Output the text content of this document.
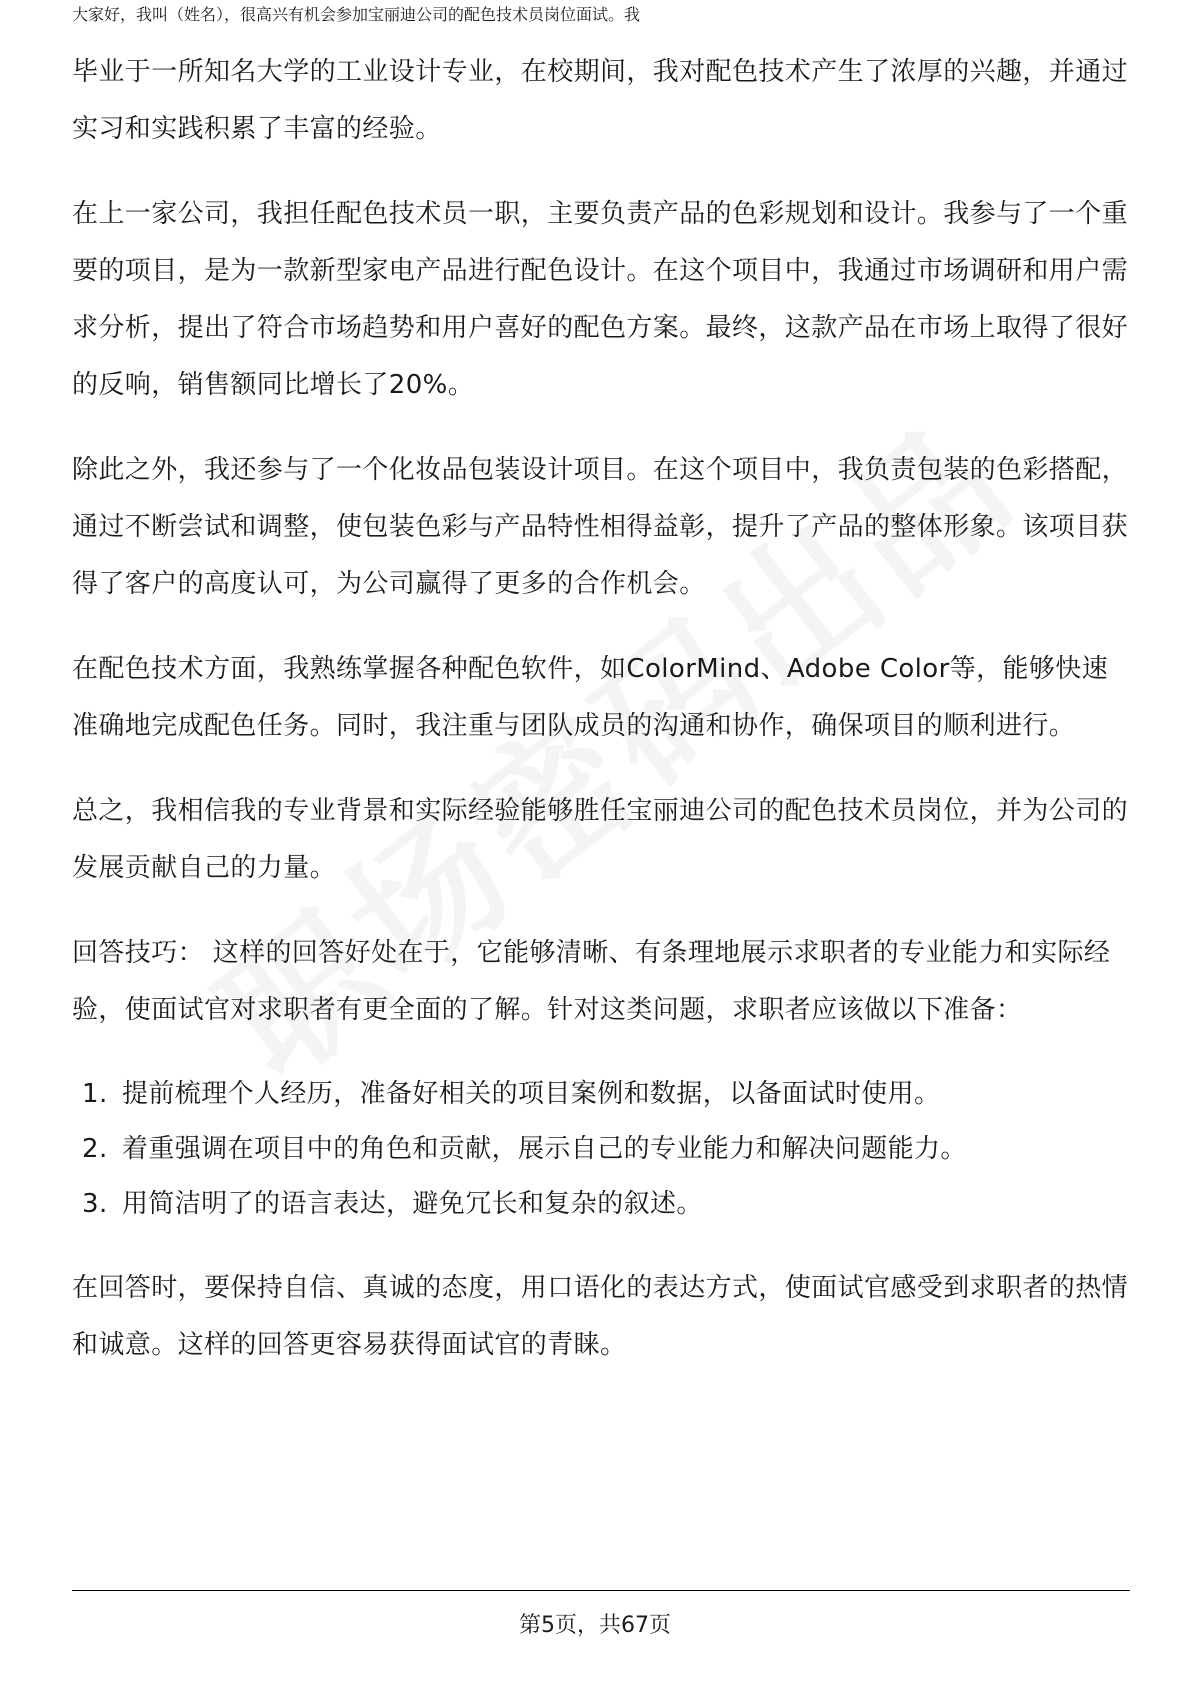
大家好，我叫（姓名），很高兴有机会参加宝丽迪公司的配色技术员岗位面试。我

毕业于一所知名大学的工业设计专业，在校期间，我对配色技术产生了浓厚的兴趣，并通过实习和实践积累了丰富的经验。

在上一家公司，我担任配色技术员一职，主要负责产品的色彩规划和设计。我参与了一个重要的项目，是为一款新型家电产品进行配色设计。在这个项目中，我通过市场调研和用户需求分析，提出了符合市场趋势和用户喜好的配色方案。最终，这款产品在市场上取得了很好的反响，销售额同比增长了20%。

除此之外，我还参与了一个化妆品包装设计项目。在这个项目中，我负责包装的色彩搭配，通过不断尝试和调整，使包装色彩与产品特性相得益彰，提升了产品的整体形象。该项目获得了客户的高度认可，为公司赢得了更多的合作机会。

在配色技术方面，我熟练掌握各种配色软件，如ColorMind、Adobe Color等，能够快速准确地完成配色任务。同时，我注重与团队成员的沟通和协作，确保项目的顺利进行。

总之，我相信我的专业背景和实际经验能够胜任宝丽迪公司的配色技术员岗位，并为公司的发展贡献自己的力量。

回答技巧： 这样的回答好处在于，它能够清晰、有条理地展示求职者的专业能力和实际经验，使面试官对求职者有更全面的了解。针对这类问题，求职者应该做以下准备：

1. 提前梳理个人经历，准备好相关的项目案例和数据，以备面试时使用。
2. 着重强调在项目中的角色和贡献，展示自己的专业能力和解决问题能力。
3. 用简洁明了的语言表达，避免冗长和复杂的叙述。

在回答时，要保持自信、真诚的态度，用口语化的表达方式，使面试官感受到求职者的热情和诚意。这样的回答更容易获得面试官的青睐。

第5页，共67页
